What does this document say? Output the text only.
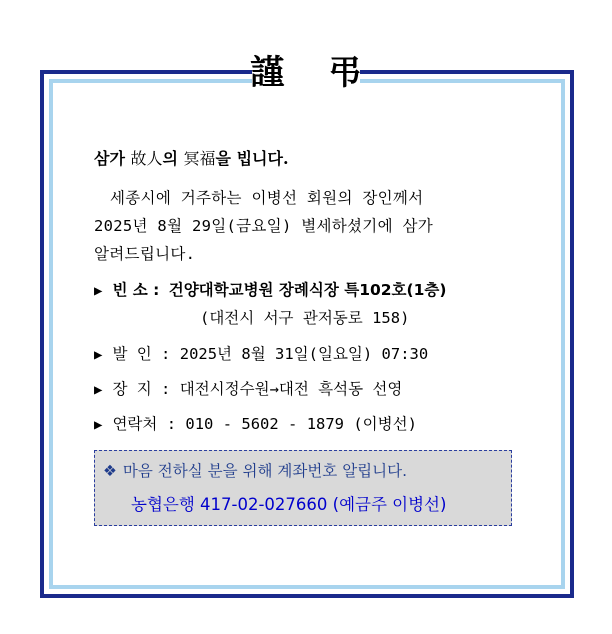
謹 弔
삼가 故人의 冥福을 빕니다.
세종시에 거주하는 이병선 회원의 장인께서
2025년 8월 29일(금요일) 별세하셨기에 삼가
알려드립니다.
▶ 빈 소 : 건양대학교병원 장례식장 특102호(1층)
(대전시 서구 관저동로 158)
▶ 발 인 : 2025년 8월 31일(일요일) 07:30
▶ 장 지 : 대전시정수원→대전 흑석동 선영
▶ 연락처 : 010 - 5602 - 1879 (이병선)
❖ 마음 전하실 분을 위해 계좌번호 알립니다.
농협은행 417-02-027660 (예금주 이병선)
